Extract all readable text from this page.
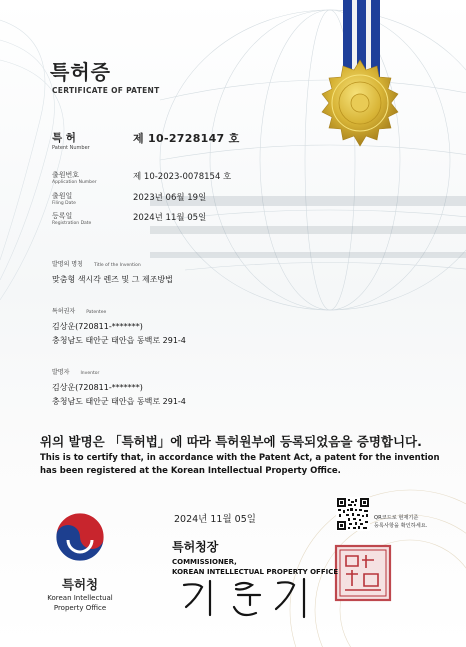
특허증
CERTIFICATE OF PATENT
특 허
Patent Number
제 10-2728147 호
출원번호
Application Number
제 10-2023-0078154 호
출원일
Filing Date
2023년 06월 19일
등록일
Registration Date
2024년 11월 05일
발명의 명칭 Title of the Invention
맞춤형 색시각 렌즈 및 그 제조방법
특허권자 Patentee
김상운(720811-*******)
충청남도 태안군 태안읍 동백로 291-4
발명자 Inventor
김상운(720811-*******)
충청남도 태안군 태안읍 동백로 291-4
위의 발명은 「특허법」에 따라 특허원부에 등록되었음을 증명합니다.
This is to certify that, in accordance with the Patent Act, a patent for the invention has been registered at the Korean Intellectual Property Office.
2024년 11월 05일	QR코드로 현재기준
등록사항을 확인하세요.
특허청장
COMMISSIONER,
KOREAN INTELLECTUAL PROPERTY OFFICE
특허청
Korean Intellectual Property Office
